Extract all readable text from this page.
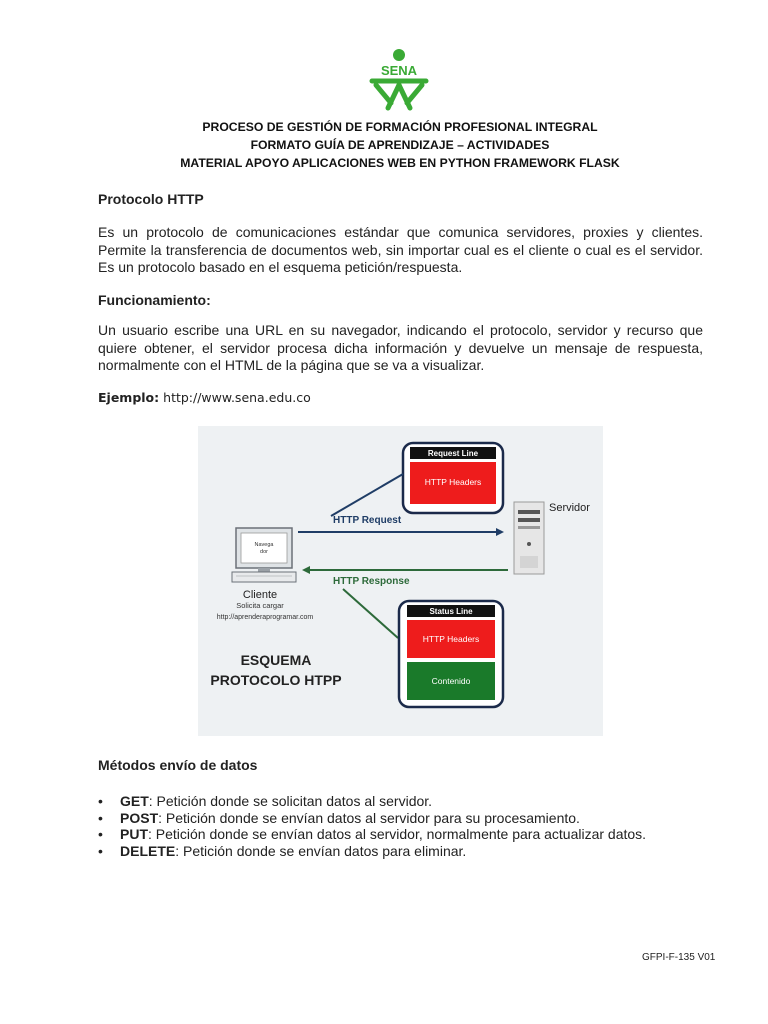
SENA
PROCESO DE GESTIÓN DE FORMACIÓN PROFESIONAL INTEGRAL
FORMATO GUÍA DE APRENDIZAJE – ACTIVIDADES
MATERIAL APOYO APLICACIONES WEB EN PYTHON FRAMEWORK FLASK
Protocolo HTTP
Es un protocolo de comunicaciones estándar que comunica servidores, proxies y clientes. Permite la transferencia de documentos web, sin importar cual es el cliente o cual es el servidor. Es un protocolo basado en el esquema petición/respuesta.
Funcionamiento:
Un usuario escribe una URL en su navegador, indicando el protocolo, servidor y recurso que quiere obtener, el servidor procesa dicha información y devuelve un mensaje de respuesta, normalmente con el HTML de la página que se va a visualizar.
Ejemplo: http://www.sena.edu.co
Request Line
HTTP Headers
Servidor
HTTP Request
HTTP Response
Navega
dor
Cliente
Solicita cargar
http://aprenderaprogramar.com
Status Line
HTTP Headers
Contenido
ESQUEMA
PROTOCOLO HTPP
Métodos envío de datos
• GET: Petición donde se solicitan datos al servidor.
• POST: Petición donde se envían datos al servidor para su procesamiento.
• PUT: Petición donde se envían datos al servidor, normalmente para actualizar datos.
• DELETE: Petición donde se envían datos para eliminar.
GFPI-F-135 V01
